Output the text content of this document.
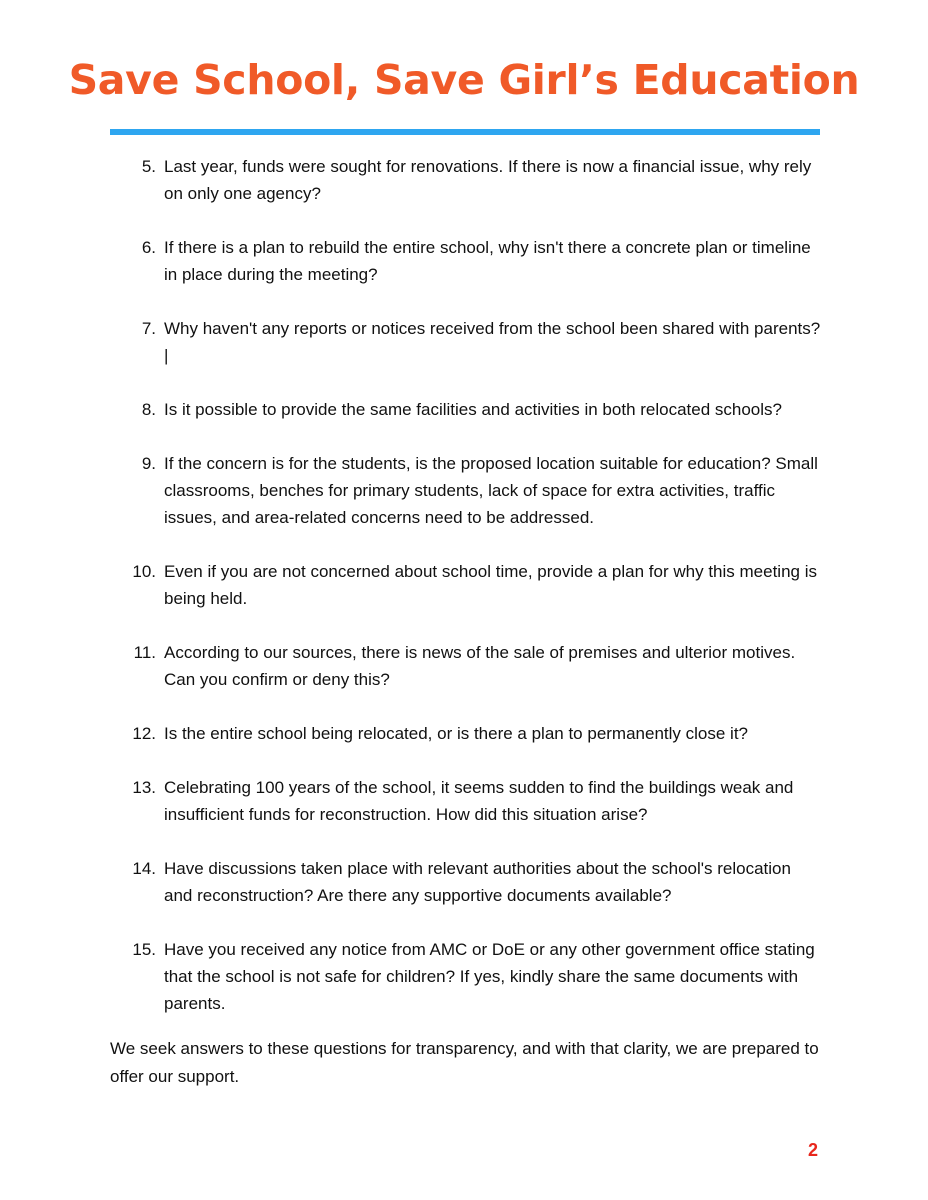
Save School, Save Girl’s Education
5. Last year, funds were sought for renovations. If there is now a financial issue, why rely on only one agency?
6. If there is a plan to rebuild the entire school, why isn't there a concrete plan or timeline in place during the meeting?
7. Why haven't any reports or notices received from the school been shared with parents?|
8. Is it possible to provide the same facilities and activities in both relocated schools?
9. If the concern is for the students, is the proposed location suitable for education? Small classrooms, benches for primary students, lack of space for extra activities, traffic issues, and area-related concerns need to be addressed.
10. Even if you are not concerned about school time, provide a plan for why this meeting is being held.
11. According to our sources, there is news of the sale of premises and ulterior motives. Can you confirm or deny this?
12. Is the entire school being relocated, or is there a plan to permanently close it?
13. Celebrating 100 years of the school, it seems sudden to find the buildings weak and insufficient funds for reconstruction. How did this situation arise?
14. Have discussions taken place with relevant authorities about the school's relocation and reconstruction? Are there any supportive documents available?
15. Have you received any notice from AMC or DoE or any other government office stating that the school is not safe for children? If yes, kindly share the same documents with parents.

We seek answers to these questions for transparency, and with that clarity, we are prepared to offer our support.

2
